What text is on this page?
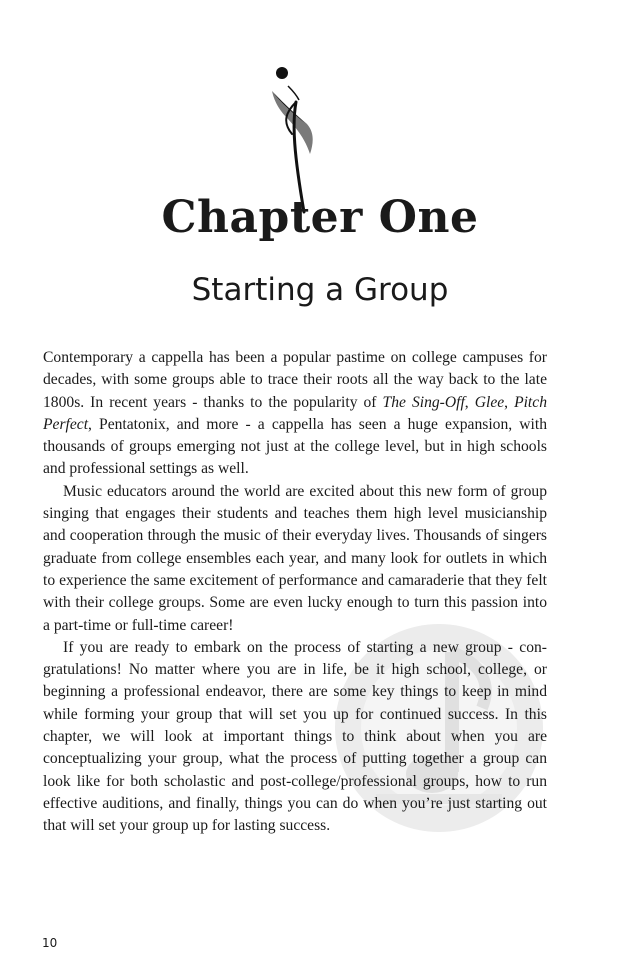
Chapter One
Starting a Group

Contemporary a cappella has been a popular pastime on college campuses for decades, with some groups able to trace their roots all the way back to the late 1800s. In recent years - thanks to the popularity of The Sing-Off, Glee, Pitch Perfect, Pentatonix, and more - a cappella has seen a huge expansion, with thousands of groups emerging not just at the college level, but in high schools and professional settings as well.

Music educators around the world are excited about this new form of group singing that engages their students and teaches them high level musicianship and cooperation through the music of their everyday lives. Thousands of singers graduate from college ensembles each year, and many look for outlets in which to experience the same excitement of performance and camaraderie that they felt with their college groups. Some are even lucky enough to turn this passion into a part-time or full-time career!

If you are ready to embark on the process of starting a new group - con-gratulations! No matter where you are in life, be it high school, college, or beginning a professional endeavor, there are some key things to keep in mind while forming your group that will set you up for continued success. In this chapter, we will look at important things to think about when you are conceptualizing your group, what the process of putting together a group can look like for both scholastic and post-college/professional groups, how to run effective auditions, and finally, things you can do when you’re just starting out that will set your group up for lasting success.

10
